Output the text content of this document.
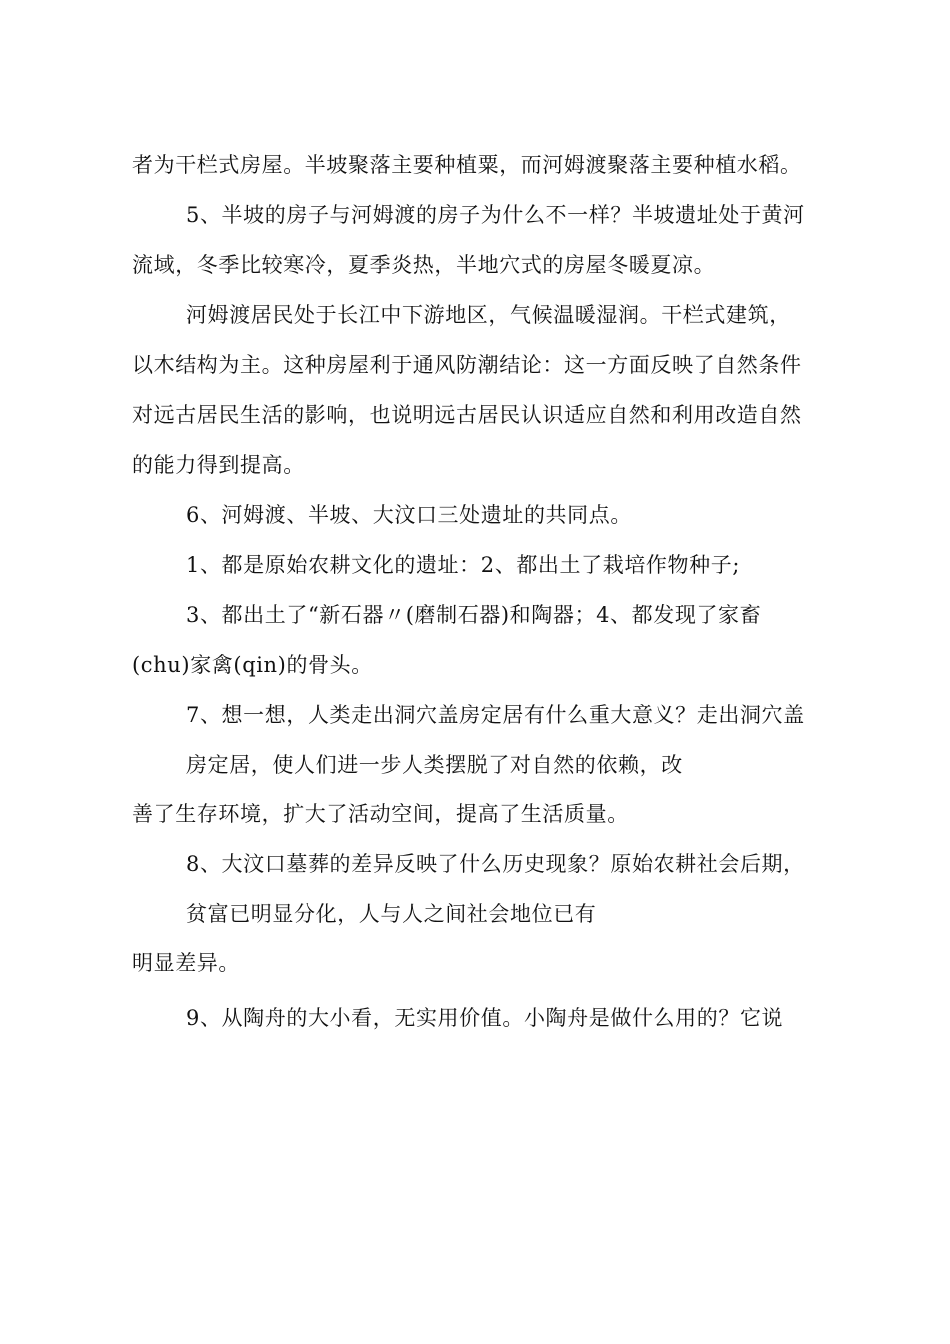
者为干栏式房屋。半坡聚落主要种植粟，而河姆渡聚落主要种植水稻。
5、半坡的房子与河姆渡的房子为什么不一样？半坡遗址处于黄河
流域，冬季比较寒冷，夏季炎热，半地穴式的房屋冬暖夏凉。
河姆渡居民处于长江中下游地区，气候温暖湿润。干栏式建筑，
以木结构为主。这种房屋利于通风防潮结论：这一方面反映了自然条件
对远古居民生活的影响，也说明远古居民认识适应自然和利用改造自然
的能力得到提高。
6、河姆渡、半坡、大汶口三处遗址的共同点。
1、都是原始农耕文化的遗址：2、都出土了栽培作物种子;
3、都出土了“新石器〃(磨制石器)和陶器；4、都发现了家畜
(chu)家禽(qin)的骨头。
7、想一想，人类走出洞穴盖房定居有什么重大意义？走出洞穴盖
房定居，使人们进一步人类摆脱了对自然的依赖，改
善了生存环境，扩大了活动空间，提高了生活质量。
8、大汶口墓葬的差异反映了什么历史现象？原始农耕社会后期，
贫富已明显分化，人与人之间社会地位已有
明显差异。
9、从陶舟的大小看，无实用价值。小陶舟是做什么用的？它说
